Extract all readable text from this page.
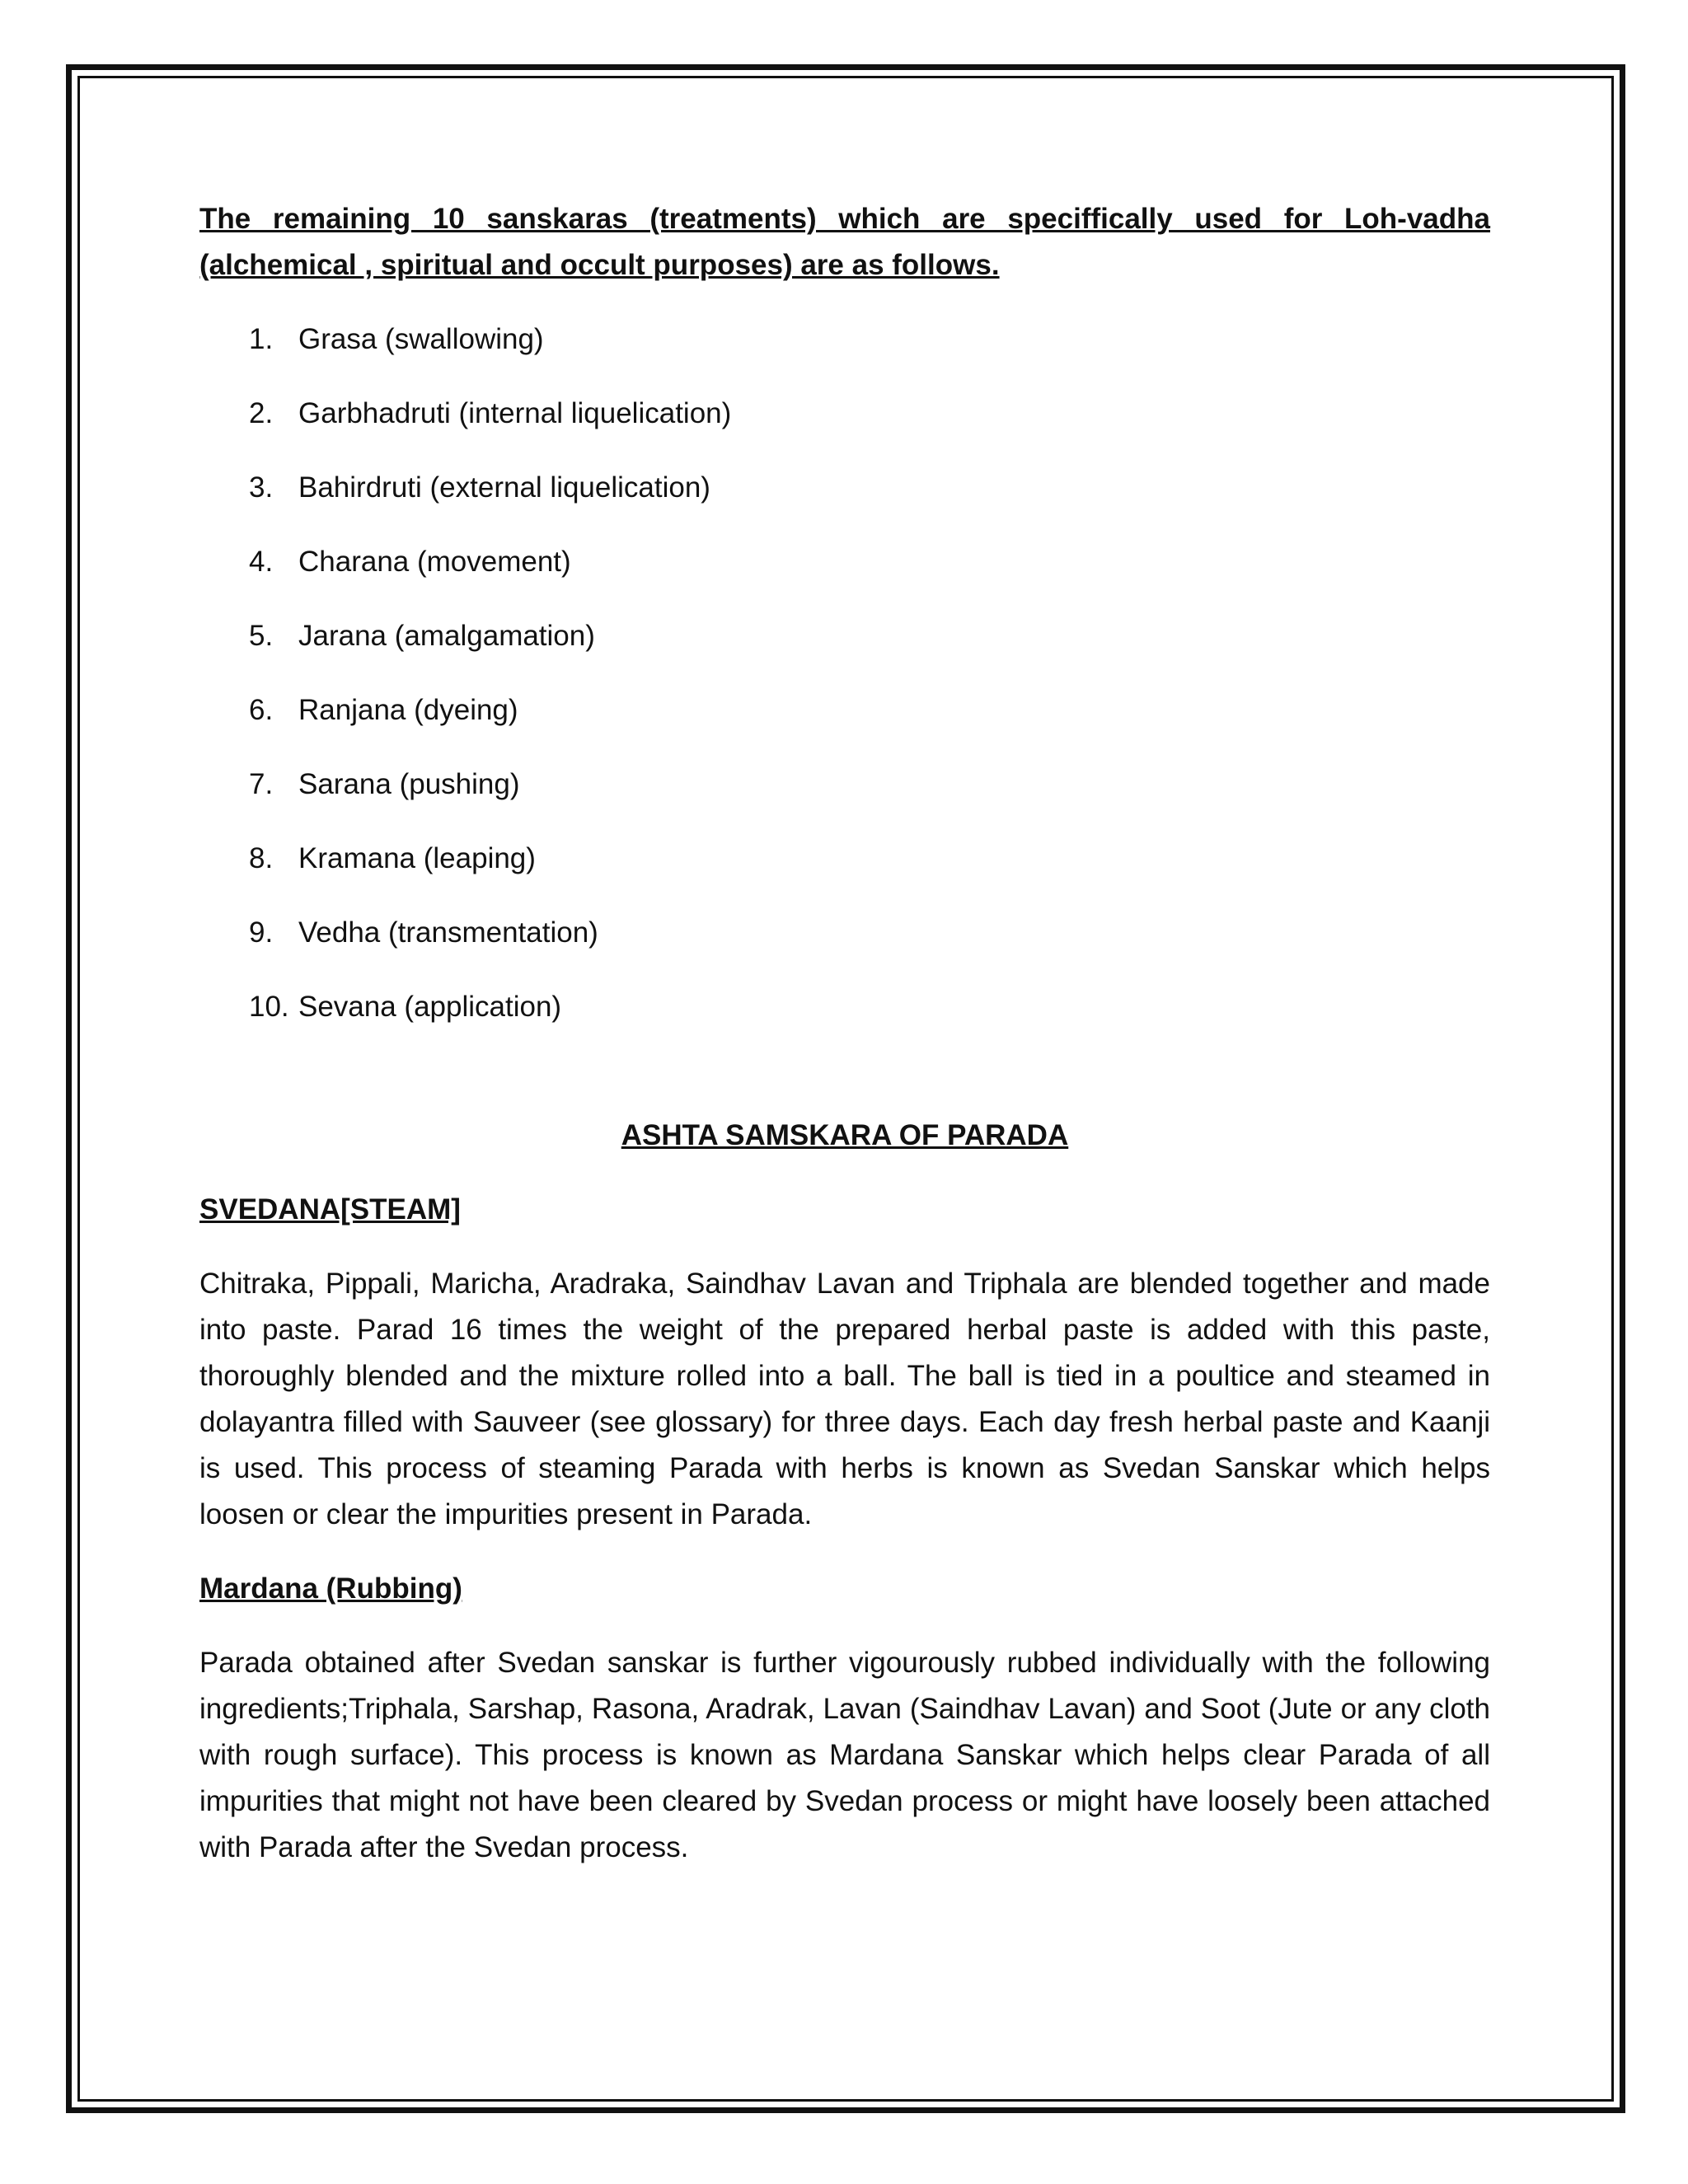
The remaining 10 sanskaras (treatments) which are speciffically used for Loh-vadha (alchemical , spiritual and occult purposes) are as follows.

1. Grasa (swallowing)
2. Garbhadruti (internal liquelication)
3. Bahirdruti (external liquelication)
4. Charana (movement)
5. Jarana (amalgamation)
6. Ranjana (dyeing)
7. Sarana (pushing)
8. Kramana (leaping)
9. Vedha (transmentation)
10. Sevana (application)

ASHTA SAMSKARA OF PARADA

SVEDANA[STEAM]

Chitraka, Pippali, Maricha, Aradraka, Saindhav Lavan and Triphala are blended together and made into paste. Parad 16 times the weight of the prepared herbal paste is added with this paste, thoroughly blended and the mixture rolled into a ball. The ball is tied in a poultice and steamed in dolayantra filled with Sauveer (see glossary) for three days. Each day fresh herbal paste and Kaanji is used. This process of steaming Parada with herbs is known as Svedan Sanskar which helps loosen or clear the impurities present in Parada.

Mardana (Rubbing)

Parada obtained after Svedan sanskar is further vigourously rubbed individually with the following ingredients;Triphala, Sarshap, Rasona, Aradrak, Lavan (Saindhav Lavan) and Soot (Jute or any cloth with rough surface). This process is known as Mardana Sanskar which helps clear Parada of all impurities that might not have been cleared by Svedan process or might have loosely been attached with Parada after the Svedan process.
